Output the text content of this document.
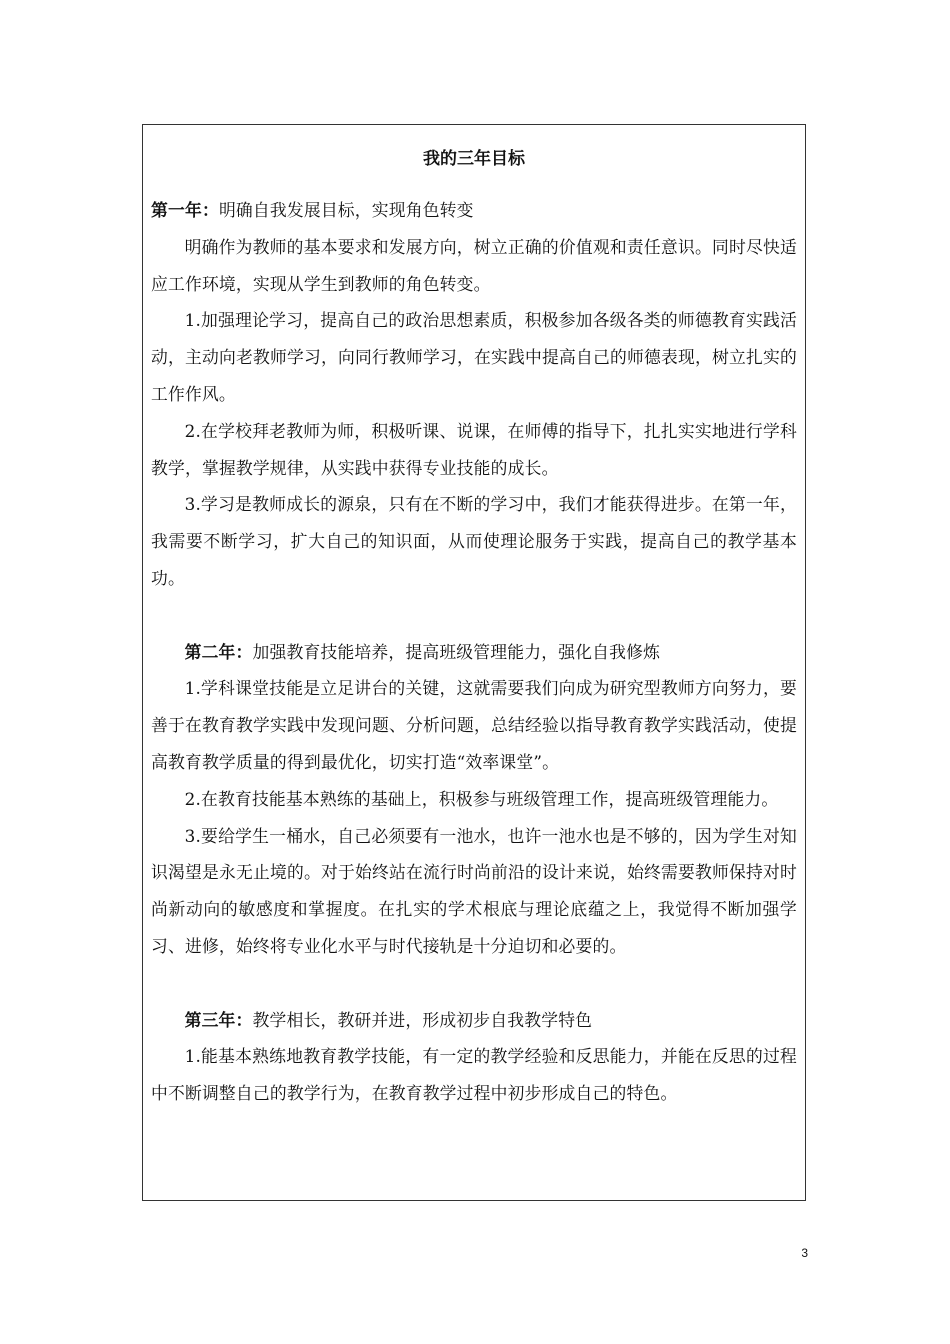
我的三年目标

第一年：明确自我发展目标，实现角色转变

明确作为教师的基本要求和发展方向，树立正确的价值观和责任意识。同时尽快适应工作环境，实现从学生到教师的角色转变。

1.加强理论学习，提高自己的政治思想素质，积极参加各级各类的师德教育实践活动，主动向老教师学习，向同行教师学习，在实践中提高自己的师德表现，树立扎实的工作作风。

2.在学校拜老教师为师，积极听课、说课，在师傅的指导下，扎扎实实地进行学科教学，掌握教学规律，从实践中获得专业技能的成长。

3.学习是教师成长的源泉，只有在不断的学习中，我们才能获得进步。在第一年，我需要不断学习，扩大自己的知识面，从而使理论服务于实践，提高自己的教学基本功。

第二年：加强教育技能培养，提高班级管理能力，强化自我修炼

1.学科课堂技能是立足讲台的关键，这就需要我们向成为研究型教师方向努力，要善于在教育教学实践中发现问题、分析问题，总结经验以指导教育教学实践活动，使提高教育教学质量的得到最优化，切实打造“效率课堂”。

2.在教育技能基本熟练的基础上，积极参与班级管理工作，提高班级管理能力。

3.要给学生一桶水，自己必须要有一池水，也许一池水也是不够的，因为学生对知识渴望是永无止境的。对于始终站在流行时尚前沿的设计来说，始终需要教师保持对时尚新动向的敏感度和掌握度。在扎实的学术根底与理论底蕴之上，我觉得不断加强学习、进修，始终将专业化水平与时代接轨是十分迫切和必要的。

第三年：教学相长，教研并进，形成初步自我教学特色

1.能基本熟练地教育教学技能，有一定的教学经验和反思能力，并能在反思的过程中不断调整自己的教学行为，在教育教学过程中初步形成自己的特色。

3
